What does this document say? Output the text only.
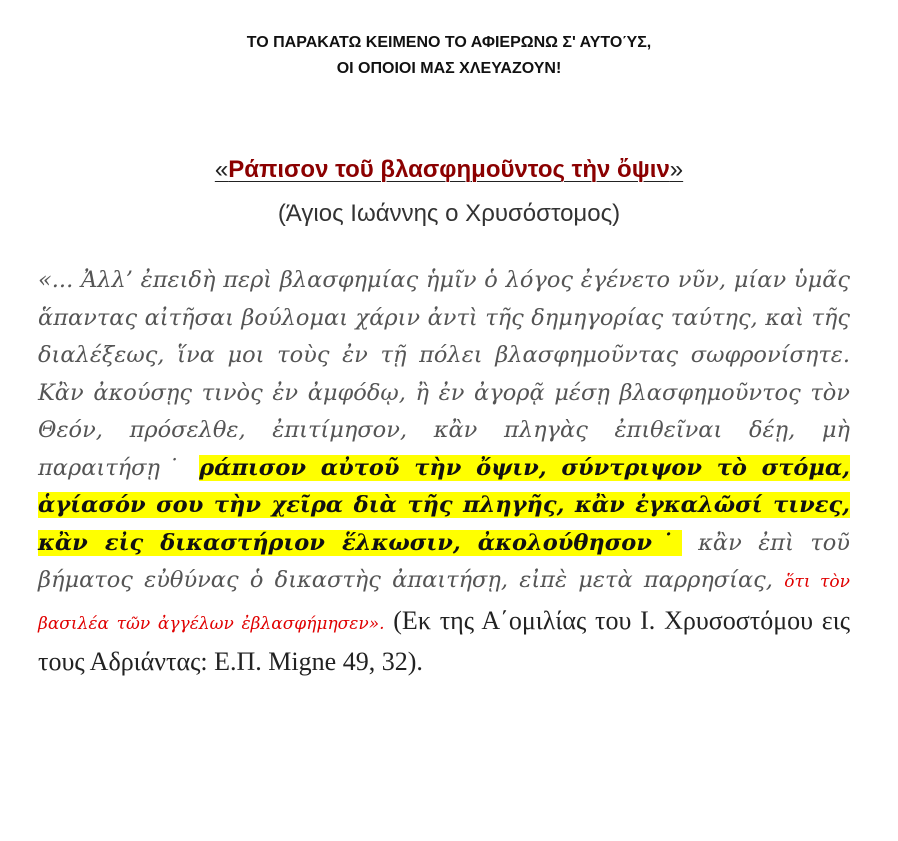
ΤΟ ΠΑΡΑΚΑΤΩ ΚΕΙΜΕΝΟ ΤΟ ΑΦΙΕΡΩΝΩ Σ' ΑΥΤΟΎΣ,
ΟΙ ΟΠΟΙΟΙ ΜΑΣ ΧΛΕΥΑΖΟΥΝ!
«Ράπισον τοῦ βλασφημοῦντος τὴν ὄψιν»
(Άγιος Ιωάννης ο Χρυσόστομος)

«... Ἀλλ’ ἐπειδὴ περὶ βλασφημίας ἡμῖν ὁ λόγος ἐγένετο νῦν, μίαν ὑμᾶς ἅπαντας αἰτῆσαι βούλομαι χάριν ἀντὶ τῆς δημηγορίας ταύτης, καὶ τῆς διαλέξεως, ἵνα μοι τοὺς ἐν τῇ πόλει βλασφημοῦντας σωφρονίσητε. Κἂν ἀκούσῃς τινὸς ἐν ἀμφόδῳ, ἢ ἐν ἀγορᾷ μέσῃ βλασφημοῦντος τὸν Θεόν, πρόσελθε, ἐπιτίμησον, κἂν πληγὰς ἐπιθεῖναι δέῃ, μὴ παραιτήσῃ˙ ράπισον αὐτοῦ τὴν ὄψιν, σύντριψον τὸ στόμα, ἁγίασόν σου τὴν χεῖρα διὰ τῆς πληγῆς, κἂν ἐγκαλῶσί τινες, κἂν εἰς δικαστήριον ἕλκωσιν, ἀκολούθησον˙ κἂν ἐπὶ τοῦ βήματος εὐθύνας ὁ δικαστὴς ἀπαιτήσῃ, εἰπὲ μετὰ παρρησίας, ὅτι τὸν βασιλέα τῶν ἀγγέλων ἐβλασφήμησεν». (Εκ της Α΄ομιλίας του Ι. Χρυσοστόμου εις τους Αδριάντας: Ε.Π. Migne 49, 32).
